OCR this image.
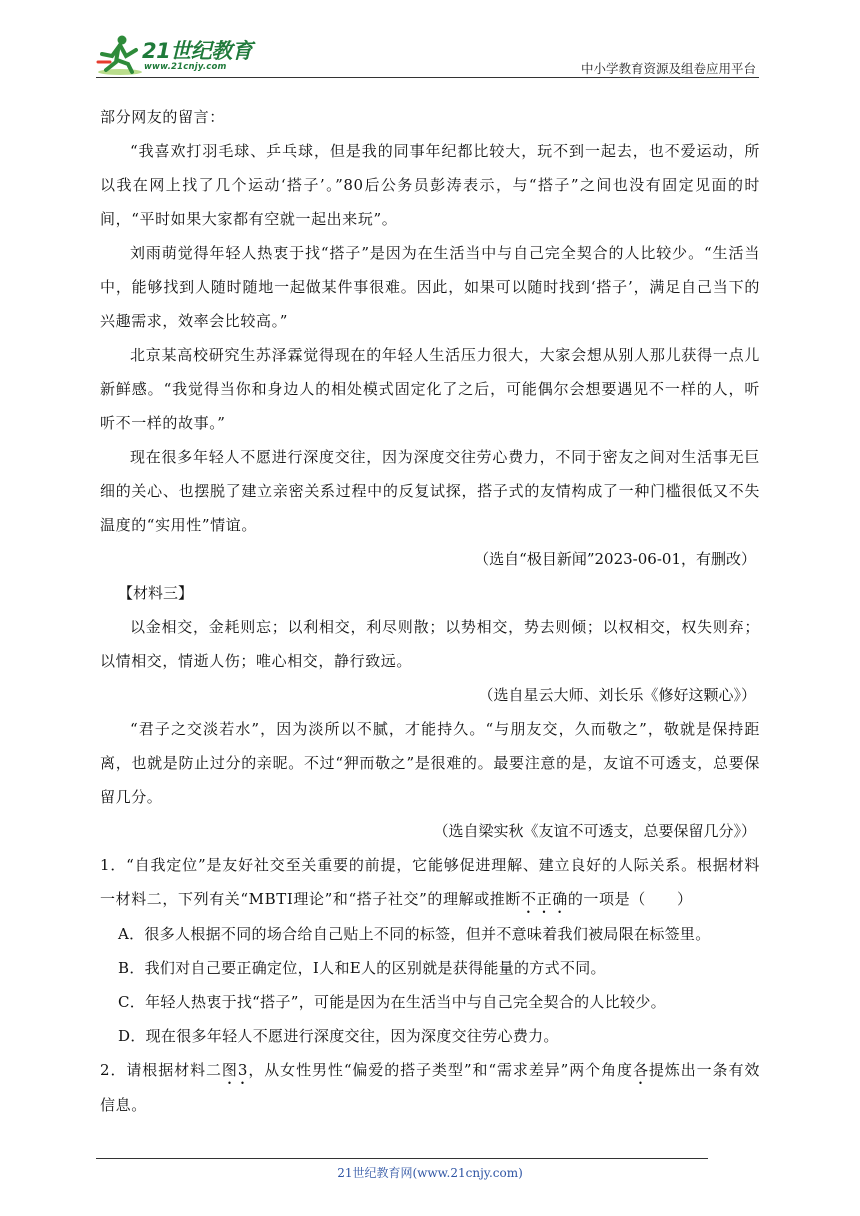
21世纪教育
www.21cnjy.com	中小学教育资源及组卷应用平台

部分网友的留言：

“我喜欢打羽毛球、乒乓球，但是我的同事年纪都比较大，玩不到一起去，也不爱运动，所以我在网上找了几个运动‘搭子’。”80后公务员彭涛表示，与“搭子”之间也没有固定见面的时间，“平时如果大家都有空就一起出来玩”。

刘雨萌觉得年轻人热衷于找“搭子”是因为在生活当中与自己完全契合的人比较少。“生活当中，能够找到人随时随地一起做某件事很难。因此，如果可以随时找到‘搭子’，满足自己当下的兴趣需求，效率会比较高。”

北京某高校研究生苏泽霖觉得现在的年轻人生活压力很大，大家会想从别人那儿获得一点儿新鲜感。“我觉得当你和身边人的相处模式固定化了之后，可能偶尔会想要遇见不一样的人，听听不一样的故事。”

现在很多年轻人不愿进行深度交往，因为深度交往劳心费力，不同于密友之间对生活事无巨细的关心、也摆脱了建立亲密关系过程中的反复试探，搭子式的友情构成了一种门槛很低又不失温度的“实用性”情谊。

（选自“极目新闻”2023-06-01，有删改）

【材料三】

以金相交，金耗则忘；以利相交，利尽则散；以势相交，势去则倾；以权相交，权失则弃；以情相交，情逝人伤；唯心相交，静行致远。

（选自星云大师、刘长乐《修好这颗心》）

“君子之交淡若水”，因为淡所以不腻，才能持久。“与朋友交，久而敬之”，敬就是保持距离，也就是防止过分的亲昵。不过“狎而敬之”是很难的。最要注意的是，友谊不可透支，总要保留几分。

（选自梁实秋《友谊不可透支，总要保留几分》）

1．“自我定位”是友好社交至关重要的前提，它能够促进理解、建立良好的人际关系。根据材料一材料二，下列有关“MBTI理论”和“搭子社交”的理解或推断不正确的一项是（　　）

A．很多人根据不同的场合给自己贴上不同的标签，但并不意味着我们被局限在标签里。

B．我们对自己要正确定位，I人和E人的区别就是获得能量的方式不同。

C．年轻人热衷于找“搭子”，可能是因为在生活当中与自己完全契合的人比较少。

D．现在很多年轻人不愿进行深度交往，因为深度交往劳心费力。

2．请根据材料二图3，从女性男性“偏爱的搭子类型”和“需求差异”两个角度各提炼出一条有效信息。

21世纪教育网(www.21cnjy.com)
